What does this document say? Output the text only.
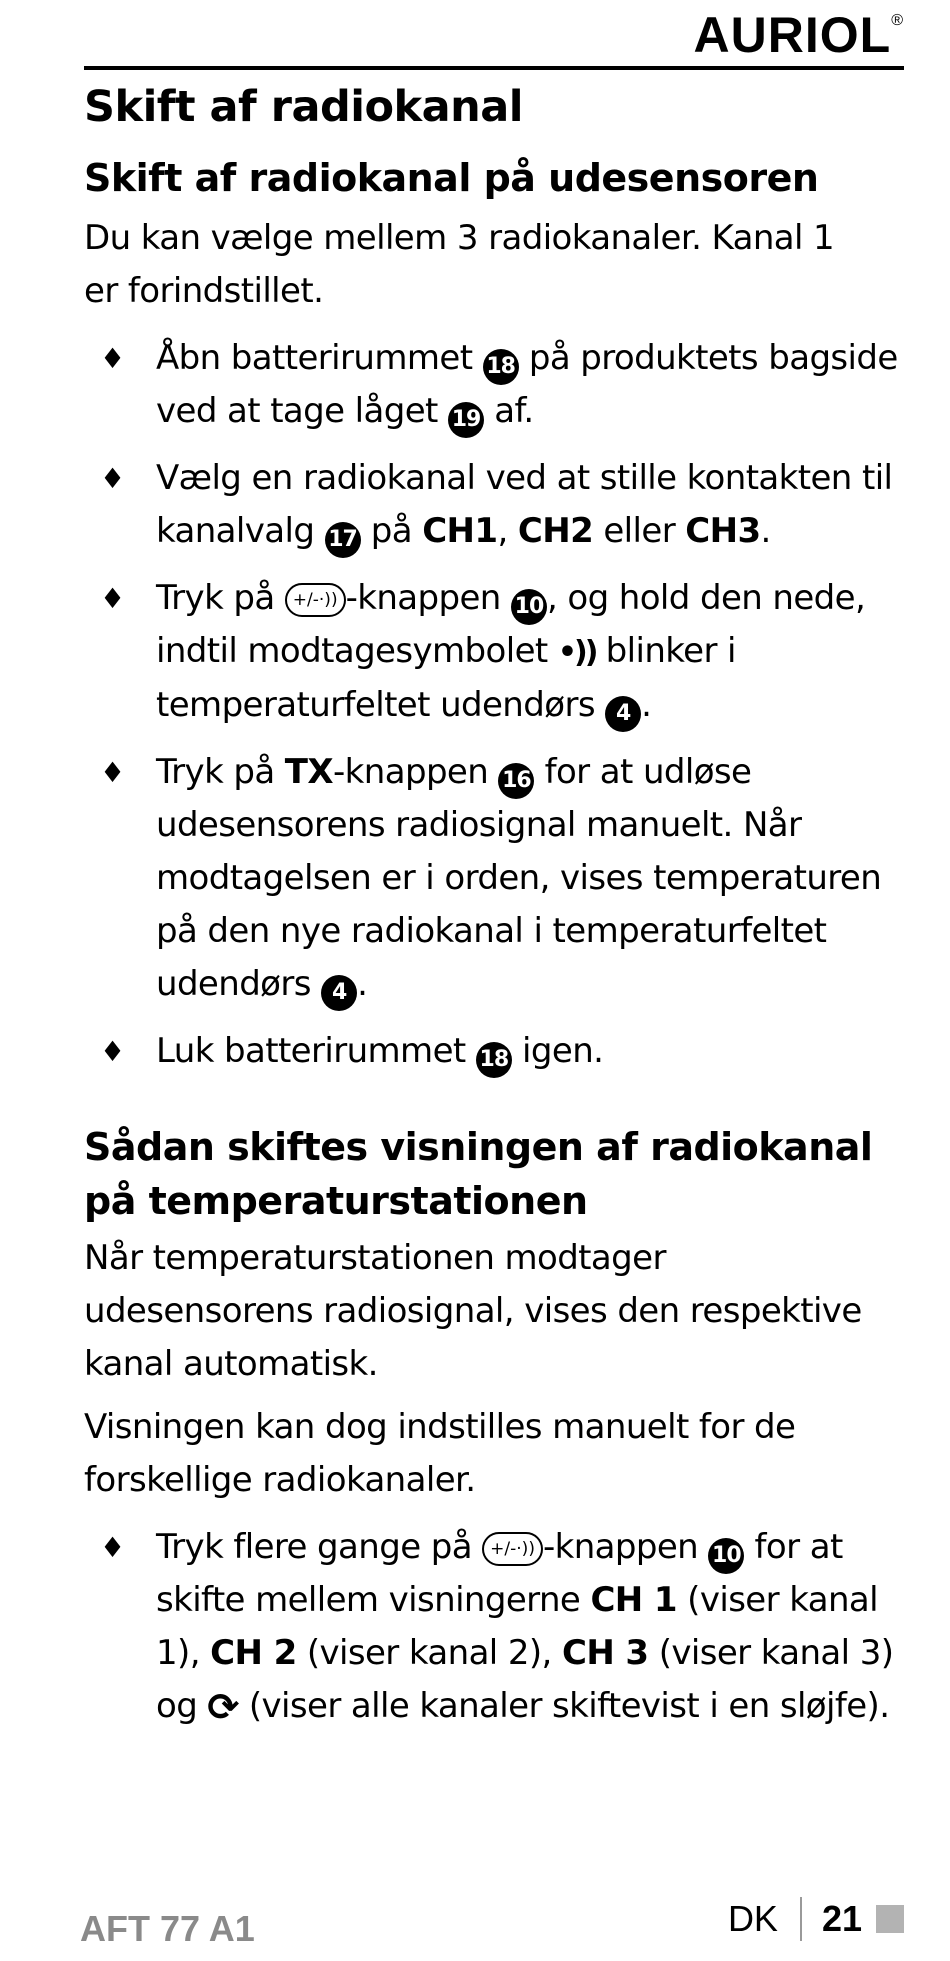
AURIOL®
Skift af radiokanal
Skift af radiokanal på udesensoren

Du kan vælge mellem 3 radiokanaler. Kanal 1 er forindstillet.

♦ Åbn batterirummet 18 på produktets bagside ved at tage låget 19 af.
♦ Vælg en radiokanal ved at stille kontakten til kanalvalg 17 på CH1, CH2 eller CH3.
♦ Tryk på +/-·)) -knappen 10 , og hold den nede, indtil modtagesymbolet •)) blinker i temperaturfeltet udendørs 4 .
♦ Tryk på TX-knappen 16 for at udløse udesensorens radiosignal manuelt. Når modtagelsen er i orden, vises temperaturen på den nye radiokanal i temperaturfeltet udendørs 4 .
♦ Luk batterirummet 18 igen.
Sådan skiftes visningen af radiokanal på temperaturstationen

Når temperaturstationen modtager udesensorens radiosignal, vises den respektive kanal automatisk.

Visningen kan dog indstilles manuelt for de forskellige radiokanaler.

♦ Tryk flere gange på +/-·)) -knappen 10 for at skifte mellem visningerne CH 1 (viser kanal 1), CH 2 (viser kanal 2), CH 3 (viser kanal 3) og ⟳ (viser alle kanaler skiftevist i en sløjfe).
AFT 77 A1	DK 21
